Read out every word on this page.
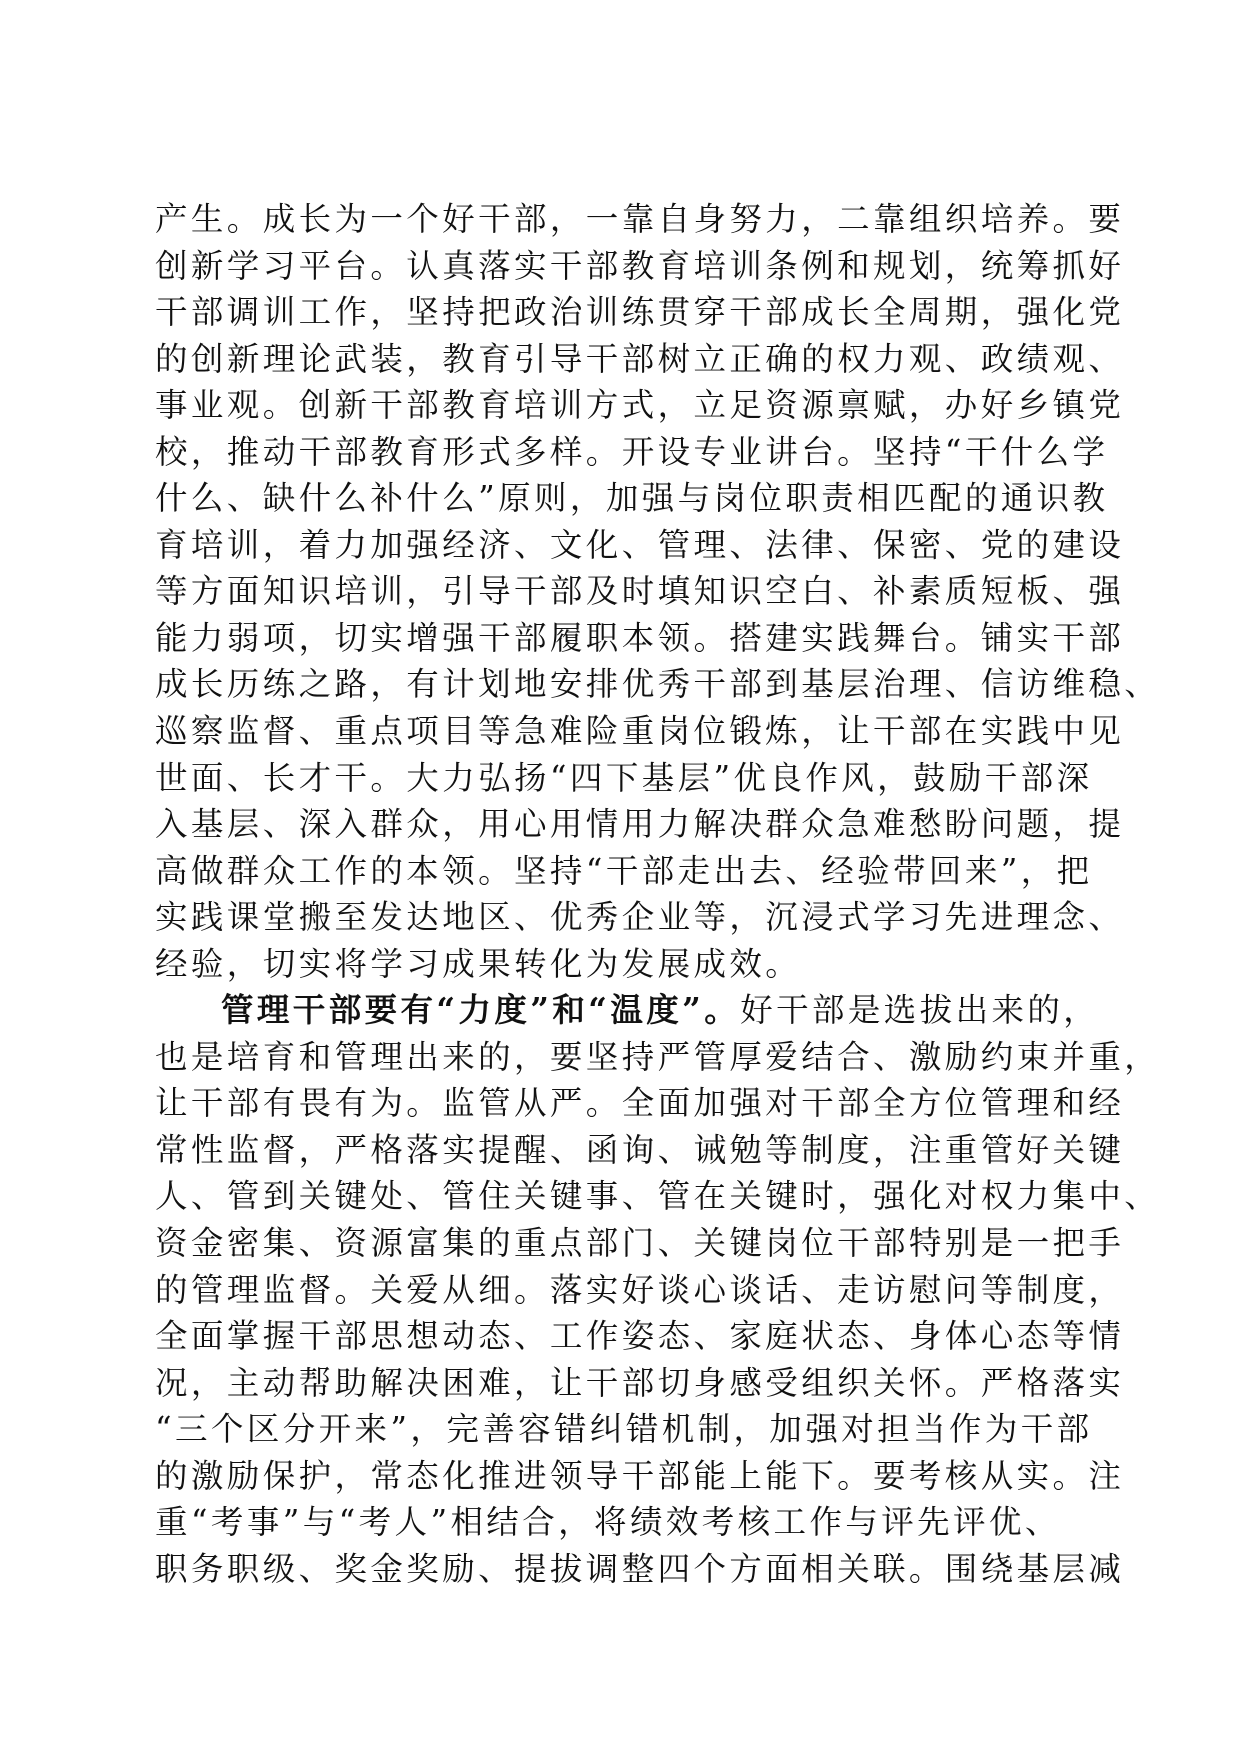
产生。成长为一个好干部，一靠自身努力，二靠组织培养。要
创新学习平台。认真落实干部教育培训条例和规划，统筹抓好
干部调训工作，坚持把政治训练贯穿干部成长全周期，强化党
的创新理论武装，教育引导干部树立正确的权力观、政绩观、
事业观。创新干部教育培训方式，立足资源禀赋，办好乡镇党
校，推动干部教育形式多样。开设专业讲台。坚持“干什么学
什么、缺什么补什么”原则，加强与岗位职责相匹配的通识教
育培训，着力加强经济、文化、管理、法律、保密、党的建设
等方面知识培训，引导干部及时填知识空白、补素质短板、强
能力弱项，切实增强干部履职本领。搭建实践舞台。铺实干部
成长历练之路，有计划地安排优秀干部到基层治理、信访维稳、
巡察监督、重点项目等急难险重岗位锻炼，让干部在实践中见
世面、长才干。大力弘扬“四下基层”优良作风，鼓励干部深
入基层、深入群众，用心用情用力解决群众急难愁盼问题，提
高做群众工作的本领。坚持“干部走出去、经验带回来”，把
实践课堂搬至发达地区、优秀企业等，沉浸式学习先进理念、
经验，切实将学习成果转化为发展成效。
管理干部要有“力度”和“温度”。好干部是选拔出来的，
也是培育和管理出来的，要坚持严管厚爱结合、激励约束并重，
让干部有畏有为。监管从严。全面加强对干部全方位管理和经
常性监督，严格落实提醒、函询、诫勉等制度，注重管好关键
人、管到关键处、管住关键事、管在关键时，强化对权力集中、
资金密集、资源富集的重点部门、关键岗位干部特别是一把手
的管理监督。关爱从细。落实好谈心谈话、走访慰问等制度，
全面掌握干部思想动态、工作姿态、家庭状态、身体心态等情
况，主动帮助解决困难，让干部切身感受组织关怀。严格落实
“三个区分开来”，完善容错纠错机制，加强对担当作为干部
的激励保护，常态化推进领导干部能上能下。要考核从实。注
重“考事”与“考人”相结合，将绩效考核工作与评先评优、
职务职级、奖金奖励、提拔调整四个方面相关联。围绕基层减
